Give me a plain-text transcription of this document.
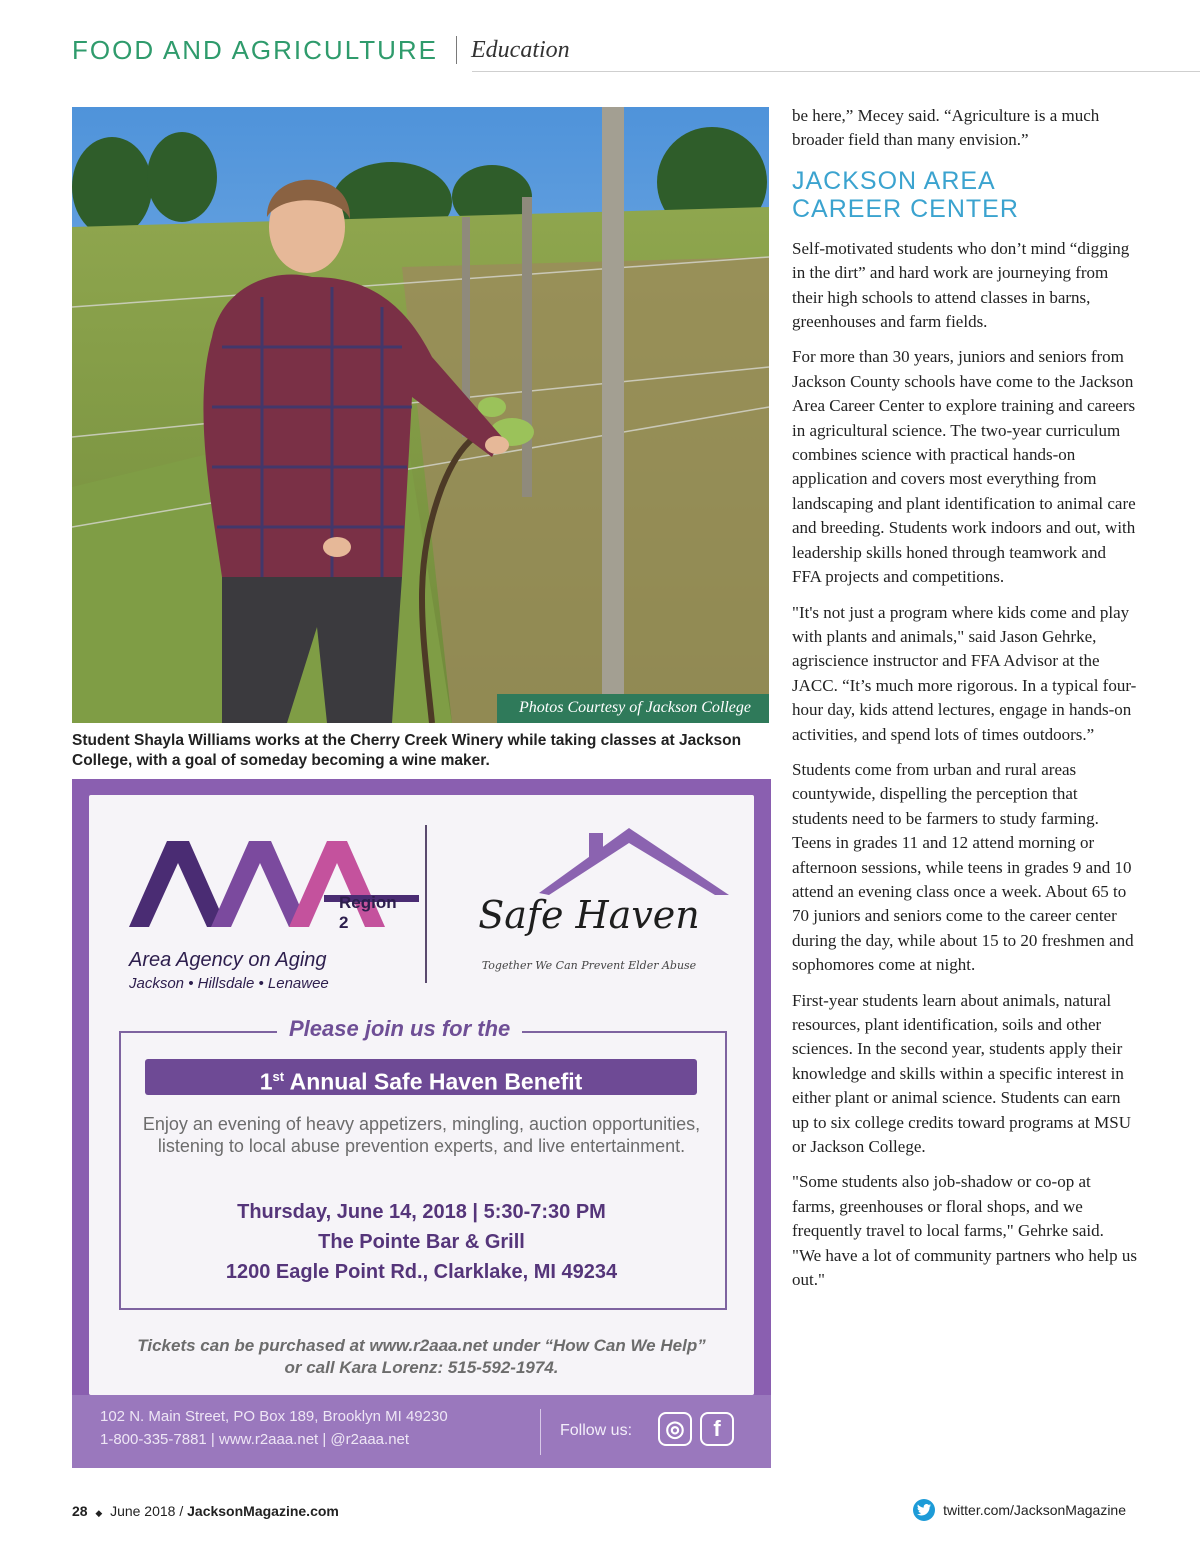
FOOD AND AGRICULTURE Education
Photos Courtesy of Jackson College
Student Shayla Williams works at the Cherry Creek Winery while taking classes at Jackson College, with a goal of someday becoming a wine maker.
Region 2
Area Agency on Aging
Jackson • Hillsdale • Lenawee
Safe Haven
Together We Can Prevent Elder Abuse
Please join us for the
1st Annual Safe Haven Benefit
Enjoy an evening of heavy appetizers, mingling, auction opportunities, listening to local abuse prevention experts, and live entertainment.
Thursday, June 14, 2018 | 5:30-7:30 PM
The Pointe Bar & Grill
1200 Eagle Point Rd., Clarklake, MI 49234
Tickets can be purchased at www.r2aaa.net under “How Can We Help” or call Kara Lorenz: 515-592-1974.
102 N. Main Street, PO Box 189, Brooklyn MI 49230
1-800-335-7881 | www.r2aaa.net | @r2aaa.net
Follow us:	◎	f

be here,” Mecey said. “Agriculture is a much broader field than many envision.”

JACKSON AREA
CAREER CENTER

Self-motivated students who don’t mind “digging in the dirt” and hard work are journeying from their high schools to attend classes in barns, greenhouses and farm fields.

For more than 30 years, juniors and seniors from Jackson County schools have come to the Jackson Area Career Center to explore training and careers in agricultural science. The two-year curriculum combines science with practical hands-on application and covers most everything from landscaping and plant identification to animal care and breeding. Students work indoors and out, with leadership skills honed through teamwork and FFA projects and competitions.

"It's not just a program where kids come and play with plants and animals," said Jason Gehrke, agriscience instructor and FFA Advisor at the JACC. “It’s much more rigorous. In a typical four-hour day, kids attend lectures, engage in hands-on activities, and spend lots of times outdoors.”

Students come from urban and rural areas countywide, dispelling the perception that students need to be farmers to study farming. Teens in grades 11 and 12 attend morning or afternoon sessions, while teens in grades 9 and 10 attend an evening class once a week. About 65 to 70 juniors and seniors come to the career center during the day, while about 15 to 20 freshmen and sophomores come at night.

First-year students learn about animals, natural resources, plant identification, soils and other sciences. In the second year, students apply their knowledge and skills within a specific interest in either plant or animal science. Students can earn up to six college credits toward programs at MSU or Jackson College.

"Some students also job-shadow or co-op at farms, greenhouses or floral shops, and we frequently travel to local farms," Gehrke said. "We have a lot of community partners who help us out."

28 ◆ June 2018 / JacksonMagazine.com	twitter.com/JacksonMagazine
